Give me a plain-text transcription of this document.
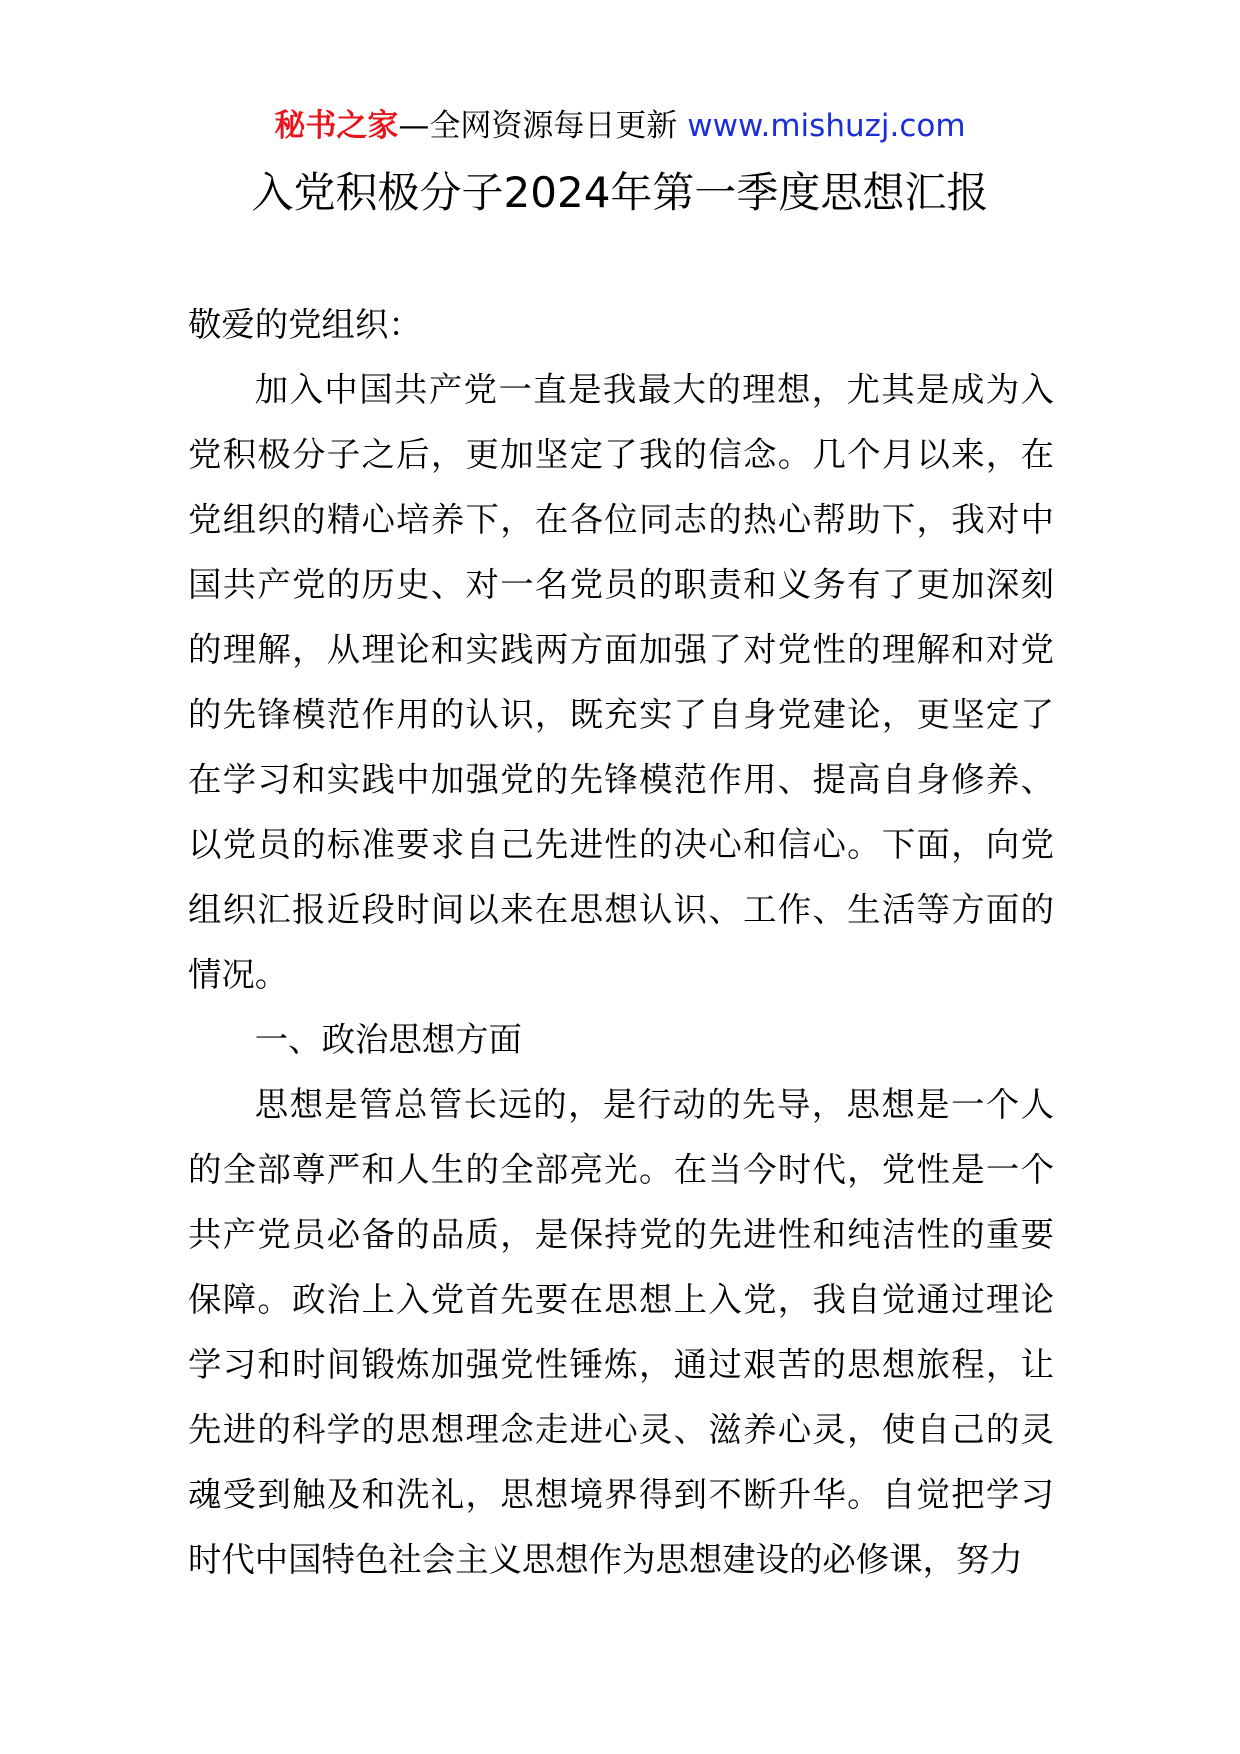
秘书之家—全网资源每日更新 www.mishuzj.com
入党积极分子2024年第一季度思想汇报

敬爱的党组织：

加入中国共产党一直是我最大的理想，尤其是成为入党积极分子之后，更加坚定了我的信念。几个月以来，在党组织的精心培养下，在各位同志的热心帮助下，我对中国共产党的历史、对一名党员的职责和义务有了更加深刻的理解，从理论和实践两方面加强了对党性的理解和对党的先锋模范作用的认识，既充实了自身党建论，更坚定了在学习和实践中加强党的先锋模范作用、提高自身修养、以党员的标准要求自己先进性的决心和信心。下面，向党组织汇报近段时间以来在思想认识、工作、生活等方面的情况。

一、政治思想方面

思想是管总管长远的，是行动的先导，思想是一个人的全部尊严和人生的全部亮光。在当今时代，党性是一个共产党员必备的品质，是保持党的先进性和纯洁性的重要保障。政治上入党首先要在思想上入党，我自觉通过理论学习和时间锻炼加强党性锤炼，通过艰苦的思想旅程，让先进的科学的思想理念走进心灵、滋养心灵，使自己的灵魂受到触及和洗礼，思想境界得到不断升华。自觉把学习时代中国特色社会主义思想作为思想建设的必修课，努力
